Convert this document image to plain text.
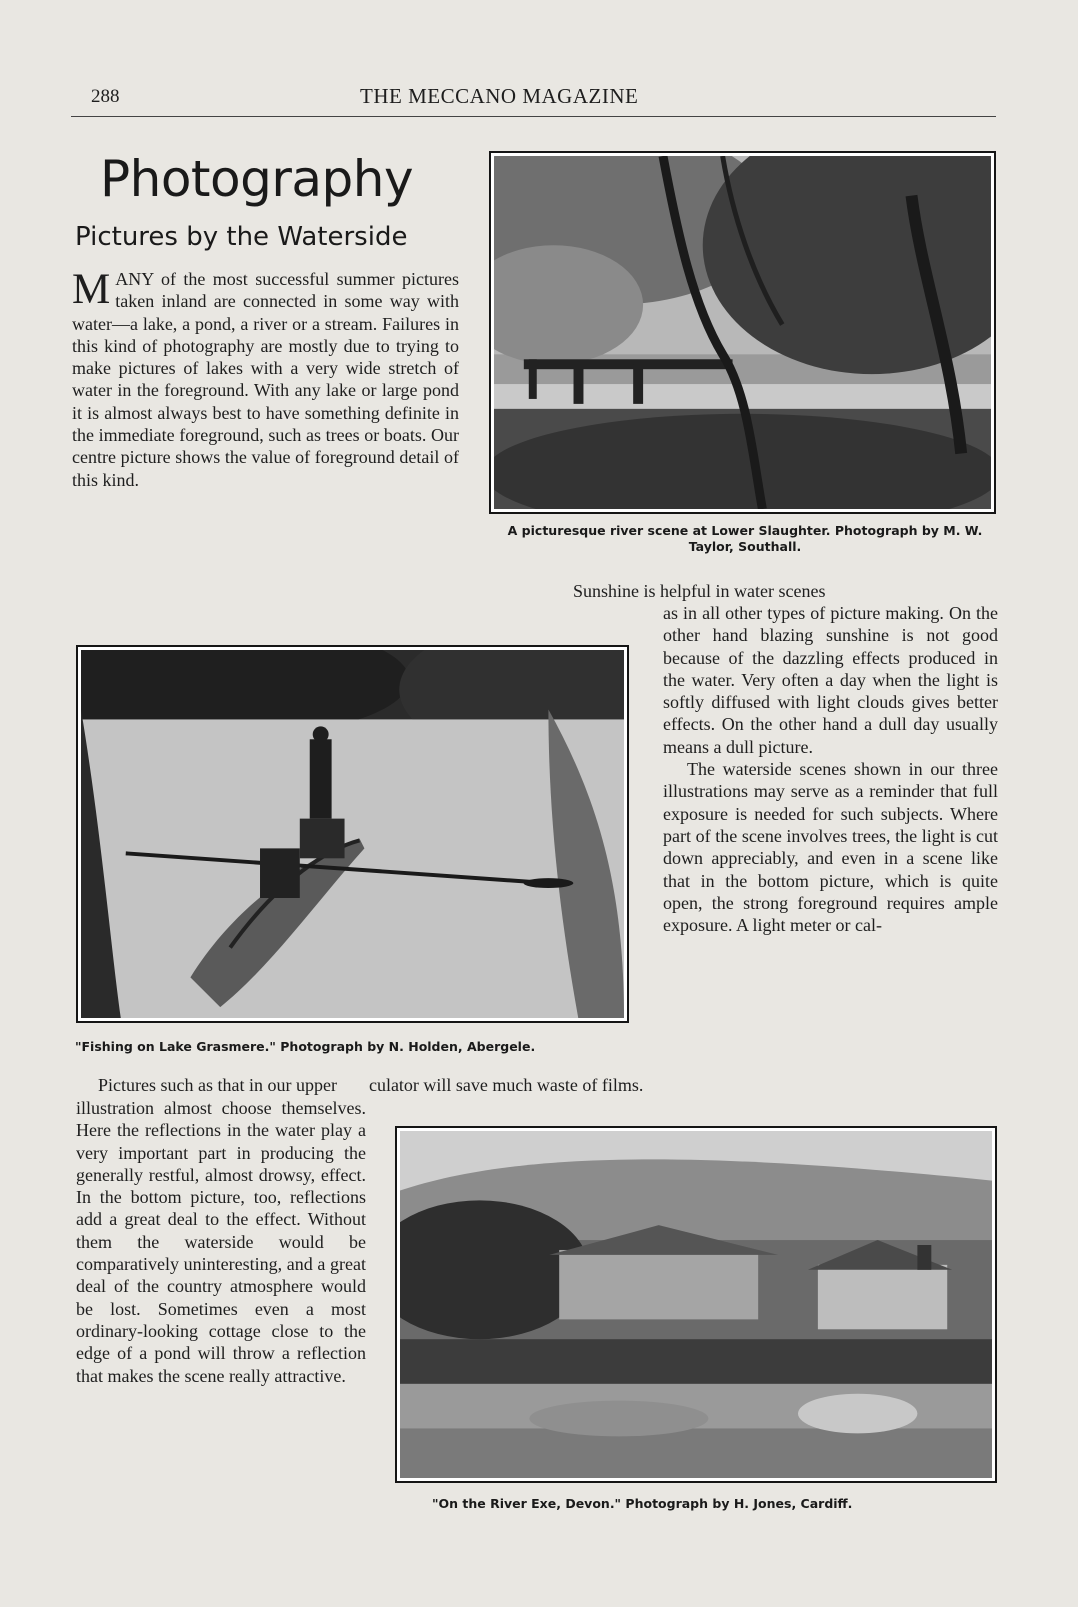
288	THE MECCANO MAGAZINE
Photography
Pictures by the Waterside

MANY of the most successful summer pictures taken inland are connected in some way with water—a lake, a pond, a river or a stream. Failures in this kind of photography are mostly due to trying to make pictures of lakes with a very wide stretch of water in the foreground. With any lake or large pond it is almost always best to have something definite in the immediate foreground, such as trees or boats. Our centre picture shows the value of foreground detail of this kind.

A picturesque river scene at Lower Slaughter. Photograph by M. W. Taylor, Southall.
"Fishing on Lake Grasmere." Photograph by N. Holden, Abergele.
Sunshine is helpful in water scenes

as in all other types of picture making. On the other hand blazing sunshine is not good because of the dazzling effects produced in the water. Very often a day when the light is softly diffused with light clouds gives better effects. On the other hand a dull day usually means a dull picture.

The waterside scenes shown in our three illustrations may serve as a reminder that full exposure is needed for such subjects. Where part of the scene involves trees, the light is cut down appreciably, and even in a scene like that in the bottom picture, which is quite open, the strong foreground requires ample exposure. A light meter or cal-

Pictures such as that in our upper culator will save much waste of films.

illustration almost choose themselves. Here the reflections in the water play a very important part in producing the generally restful, almost drowsy, effect. In the bottom picture, too, reflections add a great deal to the effect. Without them the waterside would be comparatively uninteresting, and a great deal of the country atmosphere would be lost. Sometimes even a most ordinary-looking cottage close to the edge of a pond will throw a reflection that makes the scene really attractive.

"On the River Exe, Devon." Photograph by H. Jones, Cardiff.
